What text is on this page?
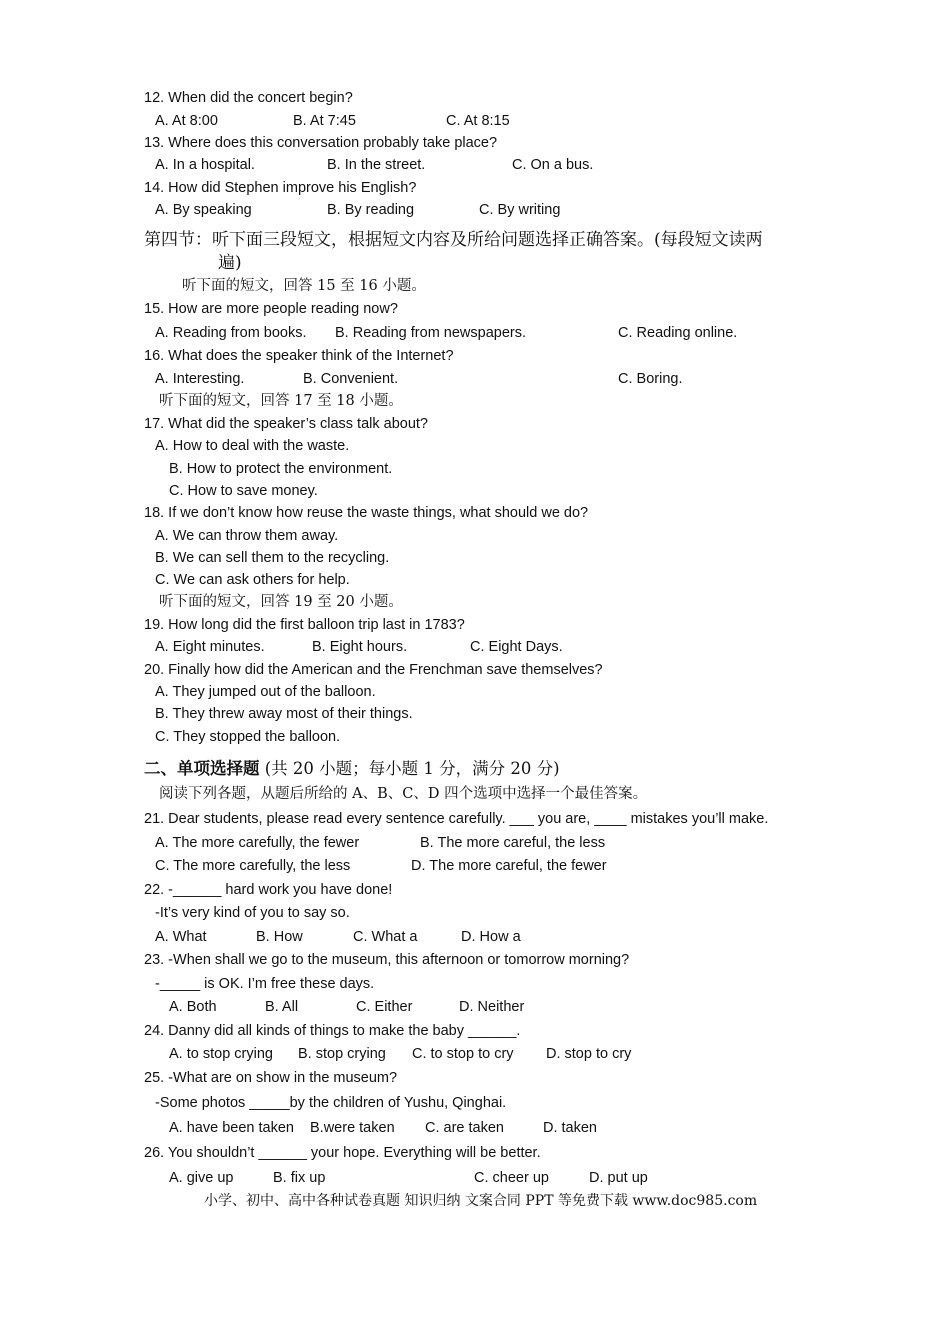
12. When did the concert begin?
A. At 8:00	B. At 7:45	C. At 8:15
13. Where does this conversation probably take place?
A. In a hospital.	B. In the street.	C. On a bus.
14. How did Stephen improve his English?
A. By speaking	B. By reading	C. By writing
第四节：听下面三段短文，根据短文内容及所给问题选择正确答案。(每段短文读两
遍)
听下面的短文，回答 15 至 16 小题。
15. How are more people reading now?
A. Reading from books. B. Reading from newspapers.	C. Reading online.
16. What does the speaker think of the Internet?
A. Interesting.	B. Convenient.	C. Boring.
听下面的短文，回答 17 至 18 小题。
17. What did the speaker’s class talk about?
A. How to deal with the waste.
B. How to protect the environment.
C. How to save money.
18. If we don’t know how reuse the waste things, what should we do?
A. We can throw them away.
B. We can sell them to the recycling.
C. We can ask others for help.
听下面的短文，回答 19 至 20 小题。
19. How long did the first balloon trip last in 1783?
A. Eight minutes.	B. Eight hours.	C. Eight Days.
20. Finally how did the American and the Frenchman save themselves?
A. They jumped out of the balloon.
B. They threw away most of their things.
C. They stopped the balloon.
二、单项选择题 (共 20 小题；每小题 1 分，满分 20 分)
阅读下列各题，从题后所给的 A、B、C、D 四个选项中选择一个最佳答案。
21. Dear students, please read every sentence carefully. ___ you are, ____ mistakes you’ll make.
A. The more carefully, the fewer	B. The more careful, the less
C. The more carefully, the less	D. The more careful, the fewer
22. -______ hard work you have done!
-It’s very kind of you to say so.
A. What	B. How	C. What a	D. How a
23. -When shall we go to the museum, this afternoon or tomorrow morning?
-_____ is OK. I’m free these days.
A. Both	B. All	C. Either	D. Neither
24. Danny did all kinds of things to make the baby ______.
A. to stop crying B. stop crying C. to stop to cry D. stop to cry
25. -What are on show in the museum?
-Some photos _____by the children of Yushu, Qinghai.
A. have been taken B.were taken C. are taken	D. taken
26. You shouldn’t ______ your hope. Everything will be better.
A. give up	B. fix up	C. cheer up	D. put up
小学、初中、高中各种试卷真题 知识归纳 文案合同 PPT 等免费下载 www.doc985.com
